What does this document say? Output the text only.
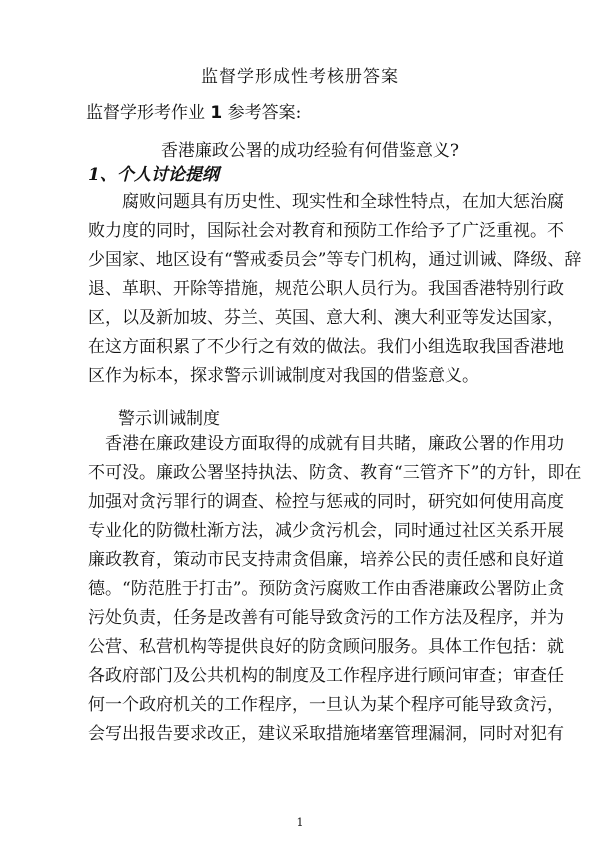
监督学形成性考核册答案
监督学形考作业 1 参考答案:
香港廉政公署的成功经验有何借鉴意义?
1、个人讨论提纲
　　腐败问题具有历史性、现实性和全球性特点，在加大惩治腐
败力度的同时，国际社会对教育和预防工作给予了广泛重视。不
少国家、地区设有“警戒委员会”等专门机构，通过训诫、降级、辞
退、革职、开除等措施，规范公职人员行为。我国香港特别行政
区，以及新加坡、芬兰、英国、意大利、澳大利亚等发达国家，
在这方面积累了不少行之有效的做法。我们小组选取我国香港地
区作为标本，探求警示训诫制度对我国的借鉴意义。
警示训诫制度
　香港在廉政建设方面取得的成就有目共睹，廉政公署的作用功
不可没。廉政公署坚持执法、防贪、教育“三管齐下”的方针，即在
加强对贪污罪行的调查、检控与惩戒的同时，研究如何使用高度
专业化的防微杜渐方法，减少贪污机会，同时通过社区关系开展
廉政教育，策动市民支持肃贪倡廉，培养公民的责任感和良好道
德。“防范胜于打击”。预防贪污腐败工作由香港廉政公署防止贪
污处负责，任务是改善有可能导致贪污的工作方法及程序，并为
公营、私营机构等提供良好的防贪顾问服务。具体工作包括：就
各政府部门及公共机构的制度及工作程序进行顾问审查；审查任
何一个政府机关的工作程序，一旦认为某个程序可能导致贪污，
会写出报告要求改正，建议采取措施堵塞管理漏洞，同时对犯有
1
